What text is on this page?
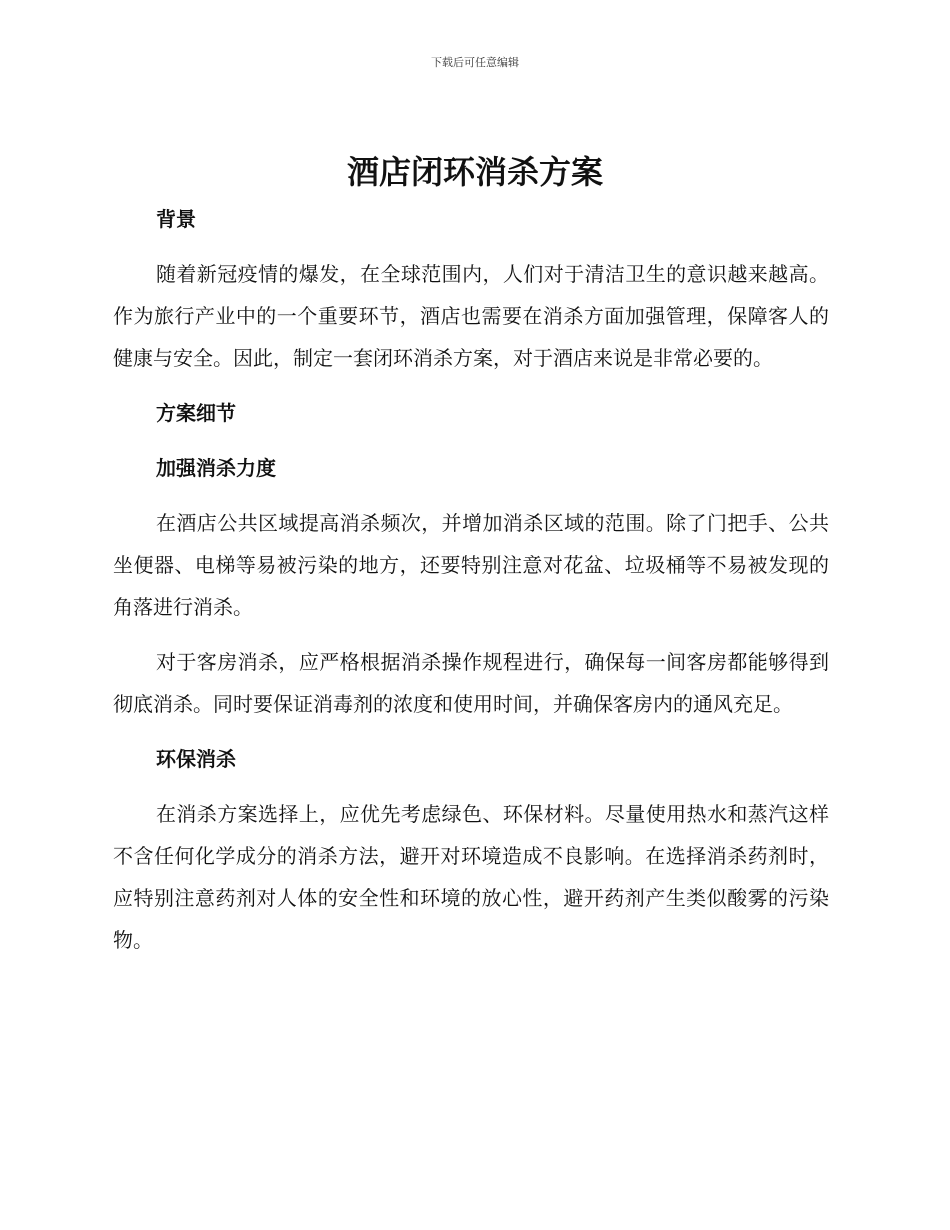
下载后可任意编辑
酒店闭环消杀方案
背景

随着新冠疫情的爆发，在全球范围内，人们对于清洁卫生的意识越来越高。作为旅行产业中的一个重要环节，酒店也需要在消杀方面加强管理，保障客人的健康与安全。因此，制定一套闭环消杀方案，对于酒店来说是非常必要的。

方案细节
加强消杀力度

在酒店公共区域提高消杀频次，并增加消杀区域的范围。除了门把手、公共坐便器、电梯等易被污染的地方，还要特别注意对花盆、垃圾桶等不易被发现的角落进行消杀。

对于客房消杀，应严格根据消杀操作规程进行，确保每一间客房都能够得到彻底消杀。同时要保证消毒剂的浓度和使用时间，并确保客房内的通风充足。

环保消杀

在消杀方案选择上，应优先考虑绿色、环保材料。尽量使用热水和蒸汽这样不含任何化学成分的消杀方法，避开对环境造成不良影响。在选择消杀药剂时，应特别注意药剂对人体的安全性和环境的放心性，避开药剂产生类似酸雾的污染物。
